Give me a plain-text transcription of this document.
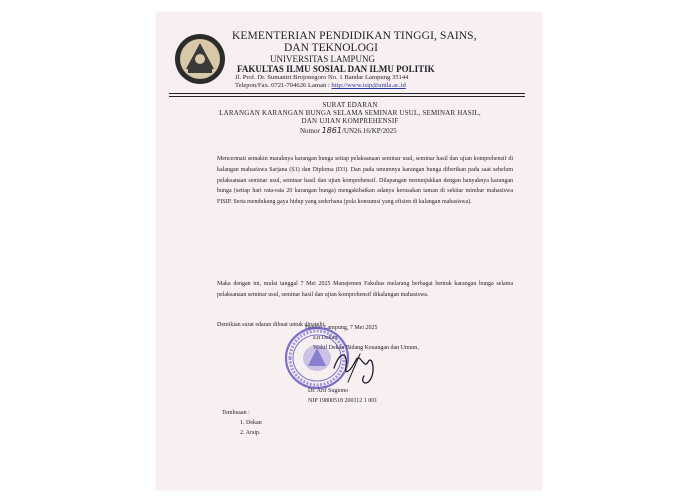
KEMENTERIAN PENDIDIKAN TINGGI, SAINS,
DAN TEKNOLOGI
UNIVERSITAS LAMPUNG
FAKULTAS ILMU SOSIAL DAN ILMU POLITIK
Jl. Prof. Dr. Sumantri Brojonegoro No. 1 Bandar Lampung 35144
Telepon/Fax. 0721-704626 Laman : http://www.isip@unila.ac.id
SURAT EDARAN
LARANGAN KARANGAN BUNGA SELAMA SEMINAR USUL, SEMINAR HASIL,
DAN UJIAN KOMPREHENSIF
Nomor 1861/UN26.16/KP/2025
Mencermati semakin maraknya karangan bunga setiap pelaksanaan seminar usul, seminar hasil dan ujian komprehensif di kalangan mahasiswa Sarjana (S1) dan Diploma (D3). Dan pada umumnya karangan bunga diberikan pada saat sebelum pelaksanaan seminar usul, seminar hasil dan ujian komprehensif. Dilapangan menunjukkan dengan banyaknya karangan bunga (setiap hari rata-rata 20 karangan bunga) mengakibatkan adanya kerusakan taman di sekitar mimbar mahasiswa FISIP. Serta mendukung gaya hidup yang sederhana (pola konsumsi yang efisien di kalangan mahasiswa).
Maka dengan ini, mulai tanggal 7 Mei 2025 Manajemen Fakultas melarang berbagai bentuk karangan bunga selama pelaksanaan seminar usul, seminar hasil dan ujian komprehensif dikalangan mahasiswa.
Demikian surat edaran dibuat untuk dipatuhi.
Bandar Lampung, 7 Mei 2025
a.n Dekan
Wakil Dekan Bidang Keuangan dan Umum,
Dr. Arif Sugiono
NIP 19800518 200112 1 001
Tembusan :
1. Dekan
2. Arsip.
